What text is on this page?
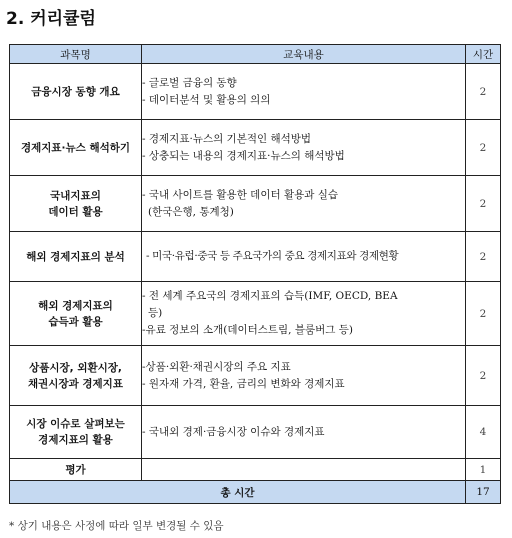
2. 커리큘럼
과목명	교육내용	시간

금융시장 동향 개요	- 글로벌 금융의 동향
- 데이터분석 및 활용의 의의	2

경제지표·뉴스 해석하기	- 경제지표·뉴스의 기본적인 해석방법
- 상충되는 내용의 경제지표·뉴스의 해석방법	2

국내지표의
데이터 활용	- 국내 사이트를 활용한 데이터 활용과 실습
(한국은행, 통계청)	2

해외 경제지표의 분석	- 미국·유럽·중국 등 주요국가의 중요 경제지표와 경제현황	2

해외 경제지표의
습득과 활용	- 전 세계 주요국의 경제지표의 습득(IMF, OECD, BEA
등)
-유료 정보의 소개(데이터스트림, 블룸버그 등)	2

상품시장, 외환시장,
채권시장과 경제지표	-상품·외환·채권시장의 주요 지표
- 원자재 가격, 환율, 금리의 변화와 경제지표	2

시장 이슈로 살펴보는
경제지표의 활용	- 국내외 경제·금융시장 이슈와 경제지표	4

평가		1
총 시간		17
* 상기 내용은 사정에 따라 일부 변경될 수 있음
